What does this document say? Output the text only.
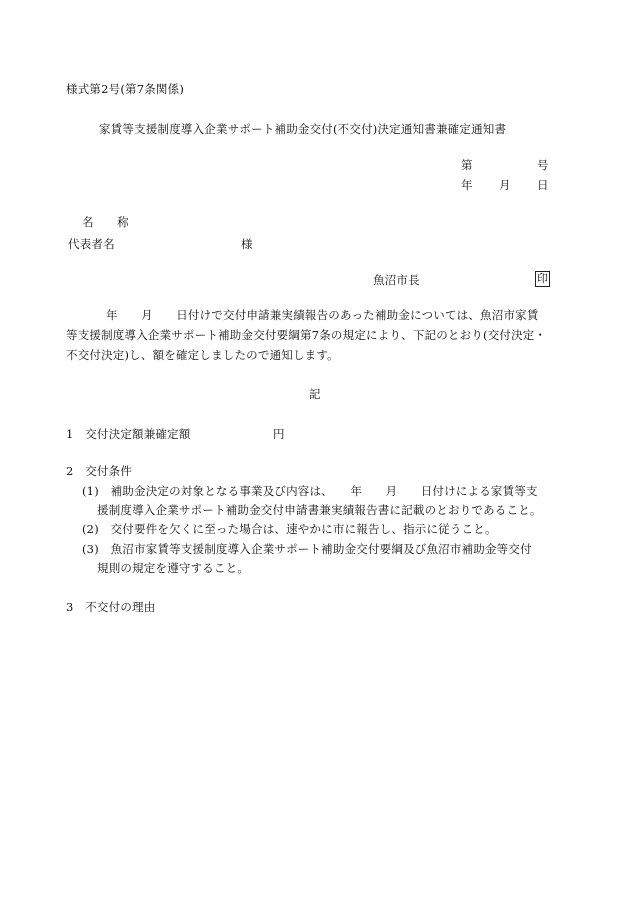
様式第2号(第7条関係)
家賃等支援制度導入企業サポート補助金交付(不交付)決定通知書兼確定通知書
第	号
年 月 日
名　　称
代表者名	様
魚沼市長	印
年　　月　　日付けで交付申請兼実績報告のあった補助金については、魚沼市家賃
等支援制度導入企業サポート補助金交付要綱第7条の規定により、下記のとおり(交付決定・
不交付決定)し、額を確定しましたので通知します。
記
1　交付決定額兼確定額	円
2　交付条件
(1)　補助金決定の対象となる事業及び内容は、　　年　　月　　日付けによる家賃等支
援制度導入企業サポート補助金交付申請書兼実績報告書に記載のとおりであること。
(2)　交付要件を欠くに至った場合は、速やかに市に報告し、指示に従うこと。
(3)　魚沼市家賃等支援制度導入企業サポート補助金交付要綱及び魚沼市補助金等交付
規則の規定を遵守すること。
3　不交付の理由
